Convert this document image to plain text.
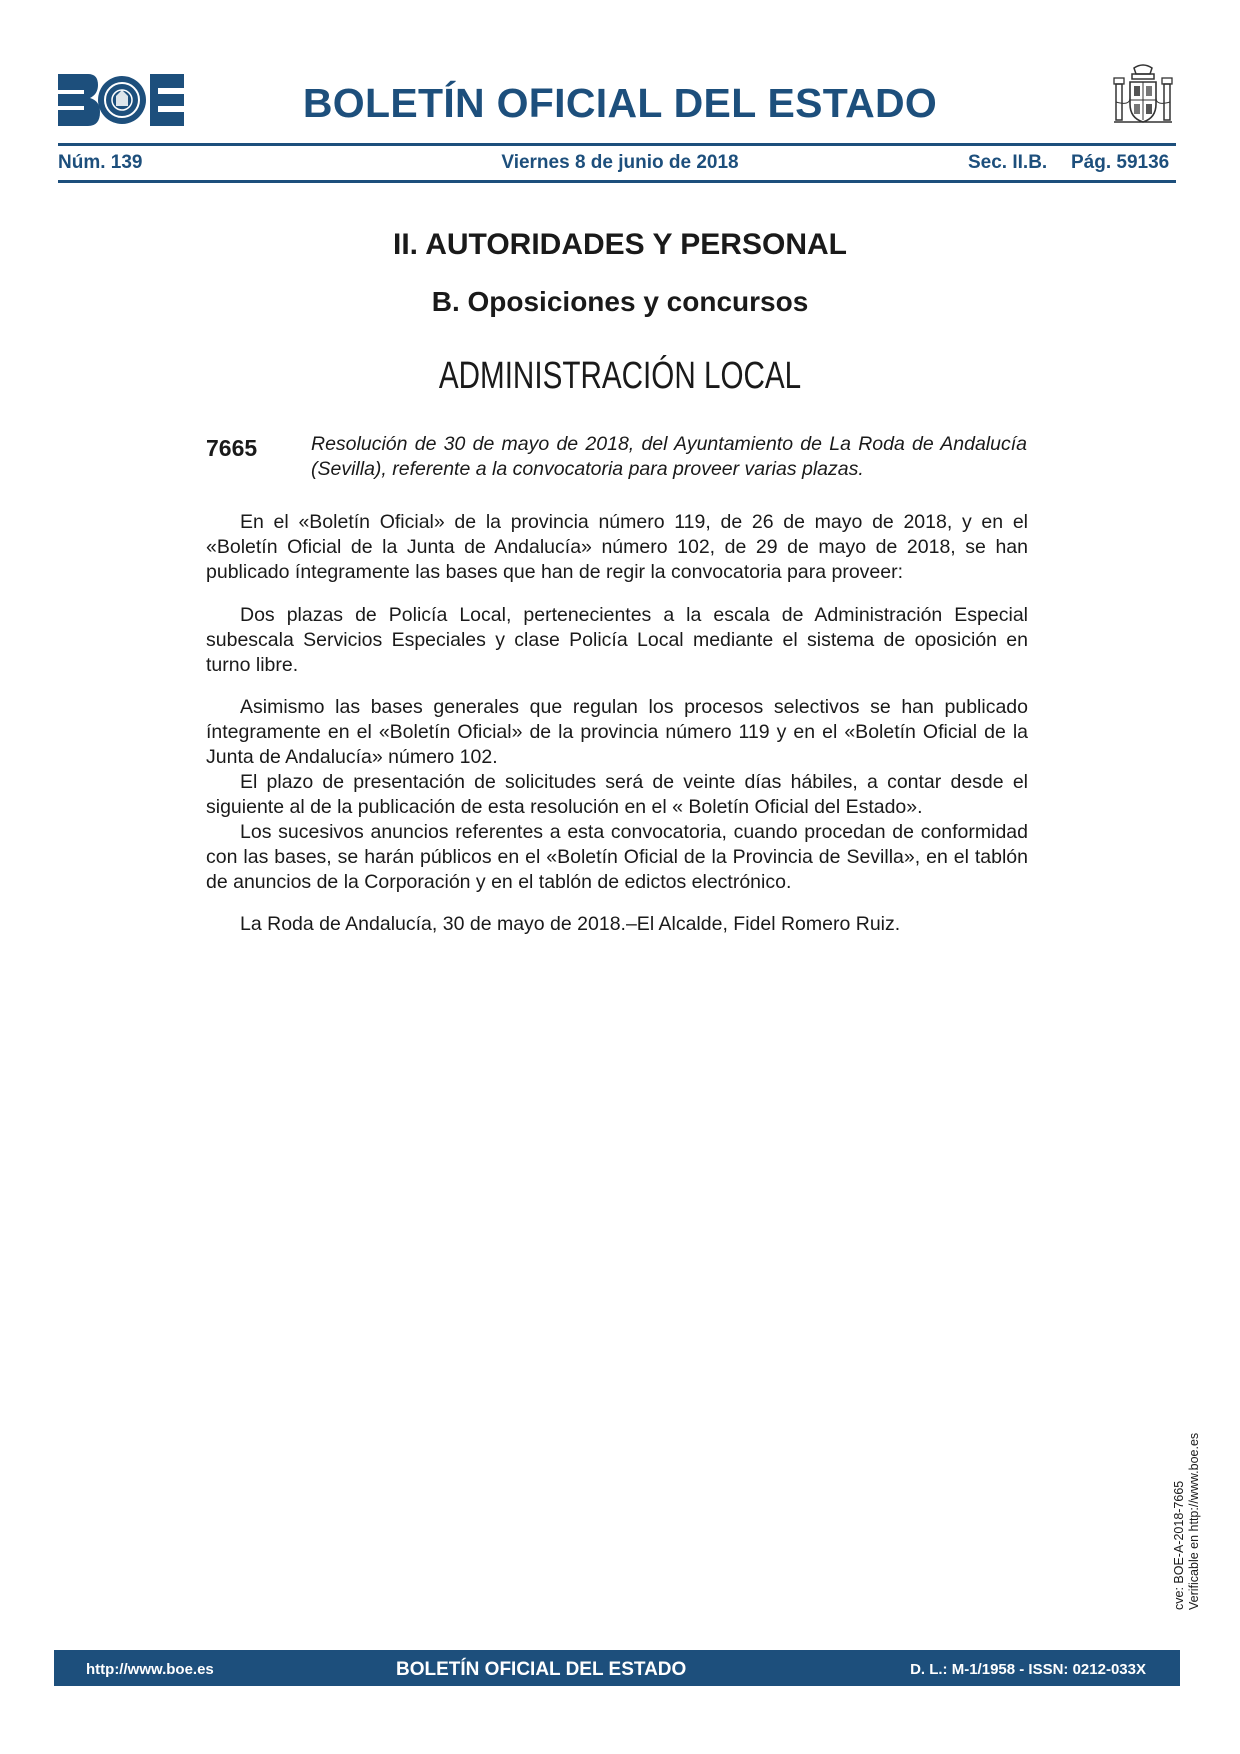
BOLETÍN OFICIAL DEL ESTADO
Núm. 139	Viernes 8 de junio de 2018	Sec. II.B. Pág. 59136
II. AUTORIDADES Y PERSONAL
B. Oposiciones y concursos
ADMINISTRACIÓN LOCAL
7665	Resolución de 30 de mayo de 2018, del Ayuntamiento de La Roda de Andalucía (Sevilla), referente a la convocatoria para proveer varias plazas.
En el «Boletín Oficial» de la provincia número 119, de 26 de mayo de 2018, y en el «Boletín Oficial de la Junta de Andalucía» número 102, de 29 de mayo de 2018, se han publicado íntegramente las bases que han de regir la convocatoria para proveer:
Dos plazas de Policía Local, pertenecientes a la escala de Administración Especial subescala Servicios Especiales y clase Policía Local mediante el sistema de oposición en turno libre.
Asimismo las bases generales que regulan los procesos selectivos se han publicado íntegramente en el «Boletín Oficial» de la provincia número 119 y en el «Boletín Oficial de la Junta de Andalucía» número 102.
El plazo de presentación de solicitudes será de veinte días hábiles, a contar desde el siguiente al de la publicación de esta resolución en el « Boletín Oficial del Estado».
Los sucesivos anuncios referentes a esta convocatoria, cuando procedan de conformidad con las bases, se harán públicos en el «Boletín Oficial de la Provincia de Sevilla», en el tablón de anuncios de la Corporación y en el tablón de edictos electrónico.
La Roda de Andalucía, 30 de mayo de 2018.–El Alcalde, Fidel Romero Ruiz.
cve: BOE-A-2018-7665 Verificable en http://www.boe.es
http://www.boe.es	BOLETÍN OFICIAL DEL ESTADO	D. L.: M-1/1958 - ISSN: 0212-033X
